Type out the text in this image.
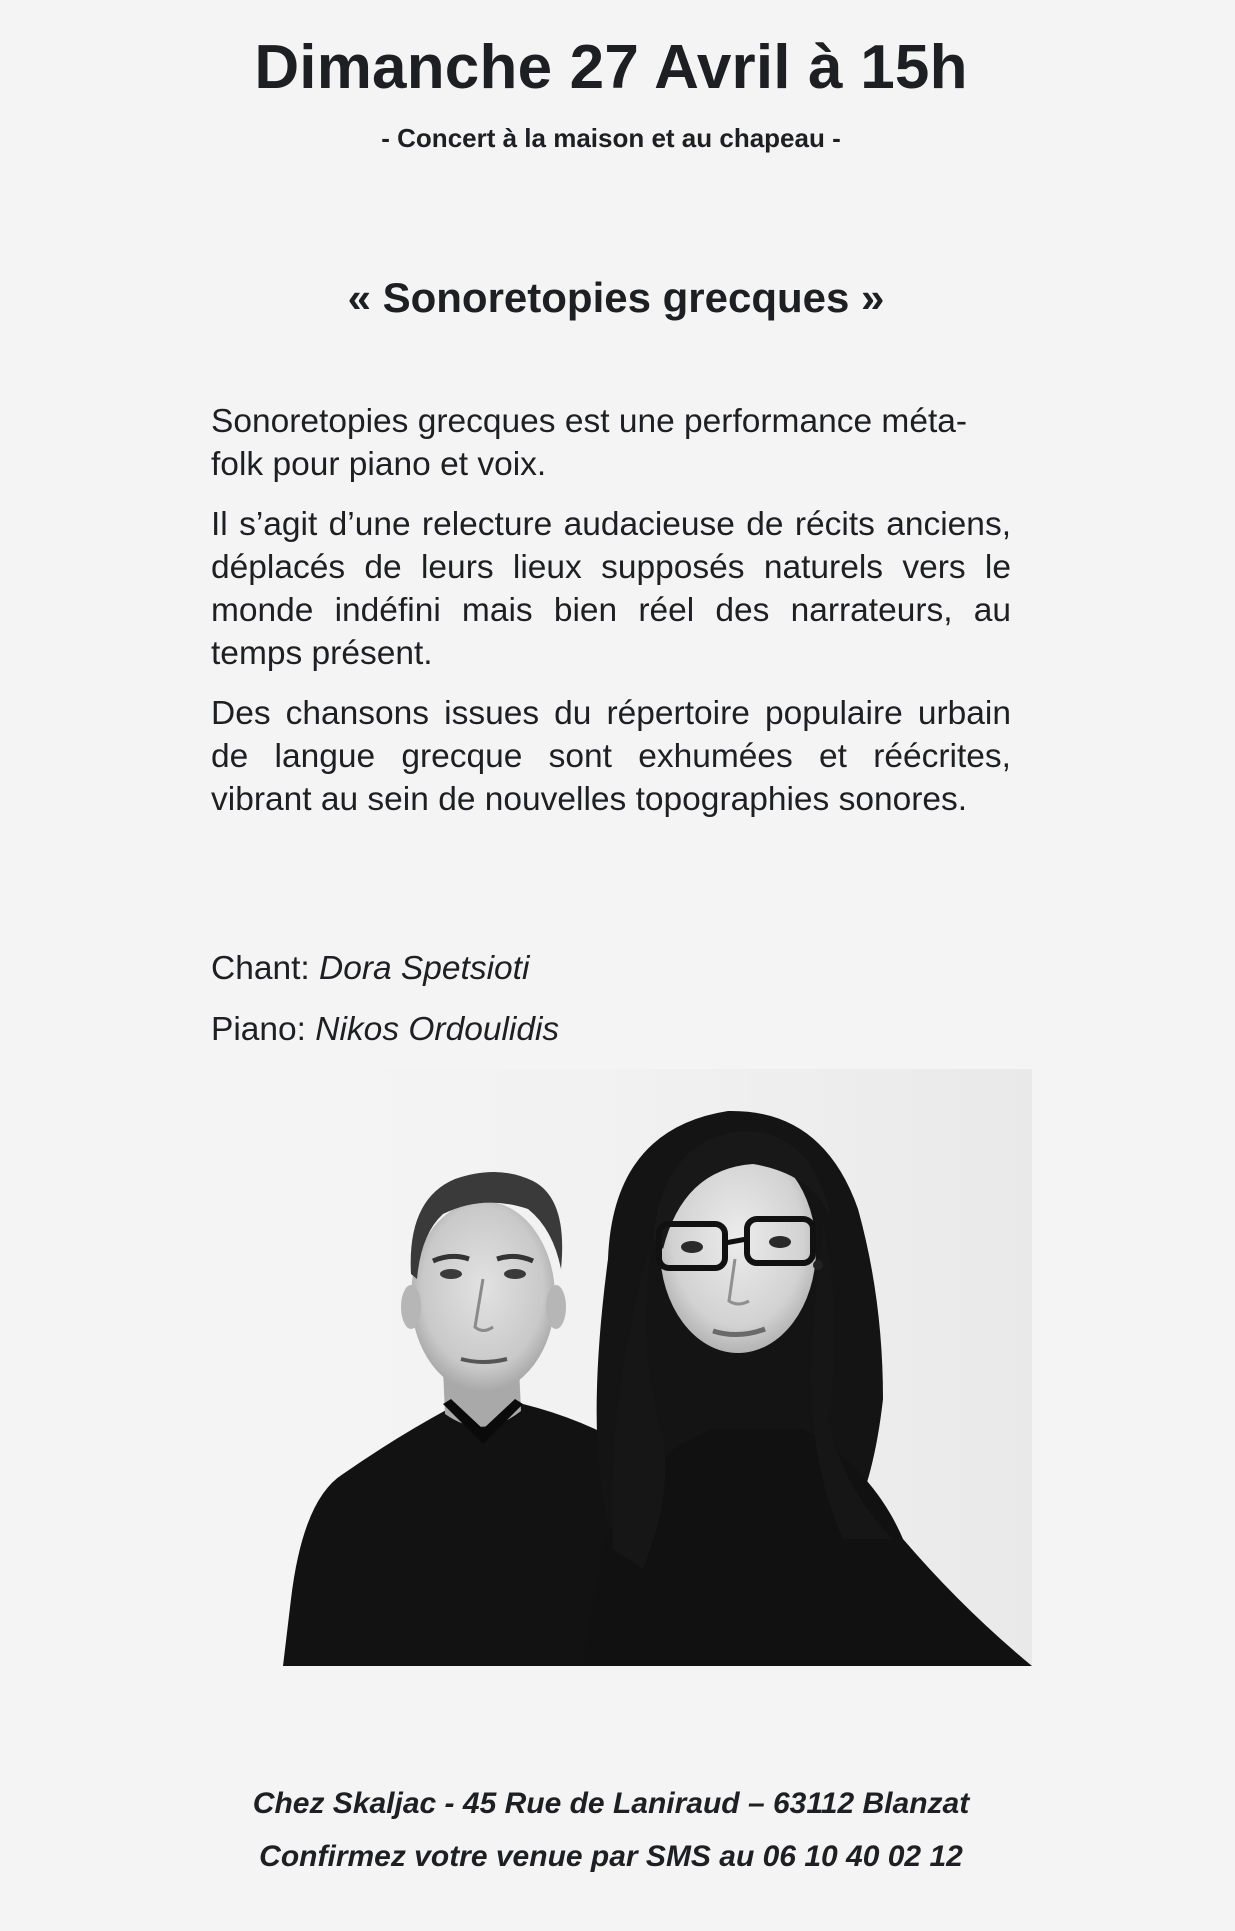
Dimanche 27 Avril à 15h

- Concert à la maison et au chapeau -

« Sonoretopies grecques »

Sonoretopies grecques est une performance méta-folk pour piano et voix.

Il s’agit d’une relecture audacieuse de récits anciens, déplacés de leurs lieux supposés naturels vers le monde indéfini mais bien réel des narrateurs, au temps présent.

Des chansons issues du répertoire populaire urbain de langue grecque sont exhumées et réécrites, vibrant au sein de nouvelles topographies sonores.

Chant: Dora Spetsioti
Piano: Nikos Ordoulidis

Chez Skaljac - 45 Rue de Laniraud – 63112 Blanzat

Confirmez votre venue par SMS au 06 10 40 02 12
